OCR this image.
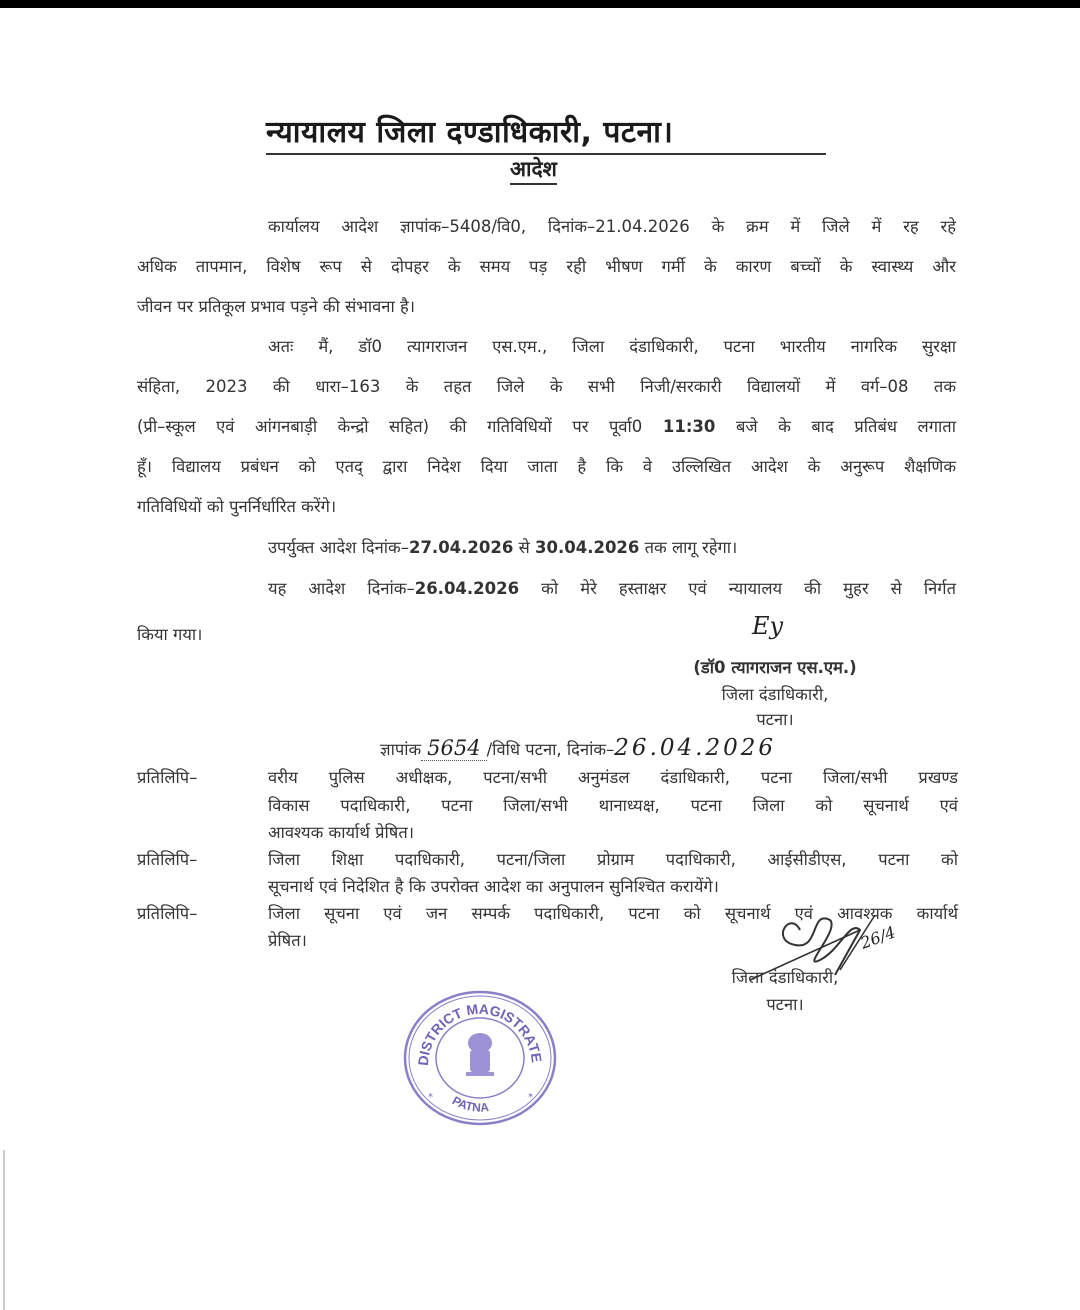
न्यायालय जिला दण्डाधिकारी, पटना।
आदेश
कार्यालय आदेश ज्ञापांक–5408/वि0, दिनांक–21.04.2026 के क्रम में जिले में रह रहे
अधिक तापमान, विशेष रूप से दोपहर के समय पड़ रही भीषण गर्मी के कारण बच्चों के स्वास्थ्य और
जीवन पर प्रतिकूल प्रभाव पड़ने की संभावना है।
अतः मैं, डॉ0 त्यागराजन एस.एम., जिला दंडाधिकारी, पटना भारतीय नागरिक सुरक्षा
संहिता, 2023 की धारा–163 के तहत जिले के सभी निजी/सरकारी विद्यालयों में वर्ग–08 तक
(प्री–स्कूल एवं आंगनबाड़ी केन्द्रो सहित) की गतिविधियों पर पूर्वा0 11:30 बजे के बाद प्रतिबंध लगाता
हूँ। विद्यालय प्रबंधन को एतद् द्वारा निदेश दिया जाता है कि वे उल्लिखित आदेश के अनुरूप शैक्षणिक
गतिविधियों को पुनर्निर्धारित करेंगे।
उपर्युक्त आदेश दिनांक–27.04.2026 से 30.04.2026 तक लागू रहेगा।
यह आदेश दिनांक–26.04.2026 को मेरे हस्ताक्षर एवं न्यायालय की मुहर से निर्गत
किया गया।	Ey
(डॉ0 त्यागराजन एस.एम.)
जिला दंडाधिकारी,
पटना।
ज्ञापांक 5654 /विधि पटना, दिनांक–26.04.2026
प्रतिलिपि–	वरीय पुलिस अधीक्षक, पटना/सभी अनुमंडल दंडाधिकारी, पटना जिला/सभी प्रखण्ड
विकास पदाधिकारी, पटना जिला/सभी थानाध्यक्ष, पटना जिला को सूचनार्थ एवं
आवश्यक कार्यार्थ प्रेषित।
प्रतिलिपि–	जिला शिक्षा पदाधिकारी, पटना/जिला प्रोग्राम पदाधिकारी, आईसीडीएस, पटना को
सूचनार्थ एवं निदेशित है कि उपरोक्त आदेश का अनुपालन सुनिश्चित करायेंगे।
प्रतिलिपि–	जिला सूचना एवं जन सम्पर्क पदाधिकारी, पटना को सूचनार्थ एवं आवश्यक कार्यार्थ
प्रेषित।	26/4
जिला दंडाधिकारी,
पटना।
DISTRICT MAGISTRATE
PATNA
*	*
